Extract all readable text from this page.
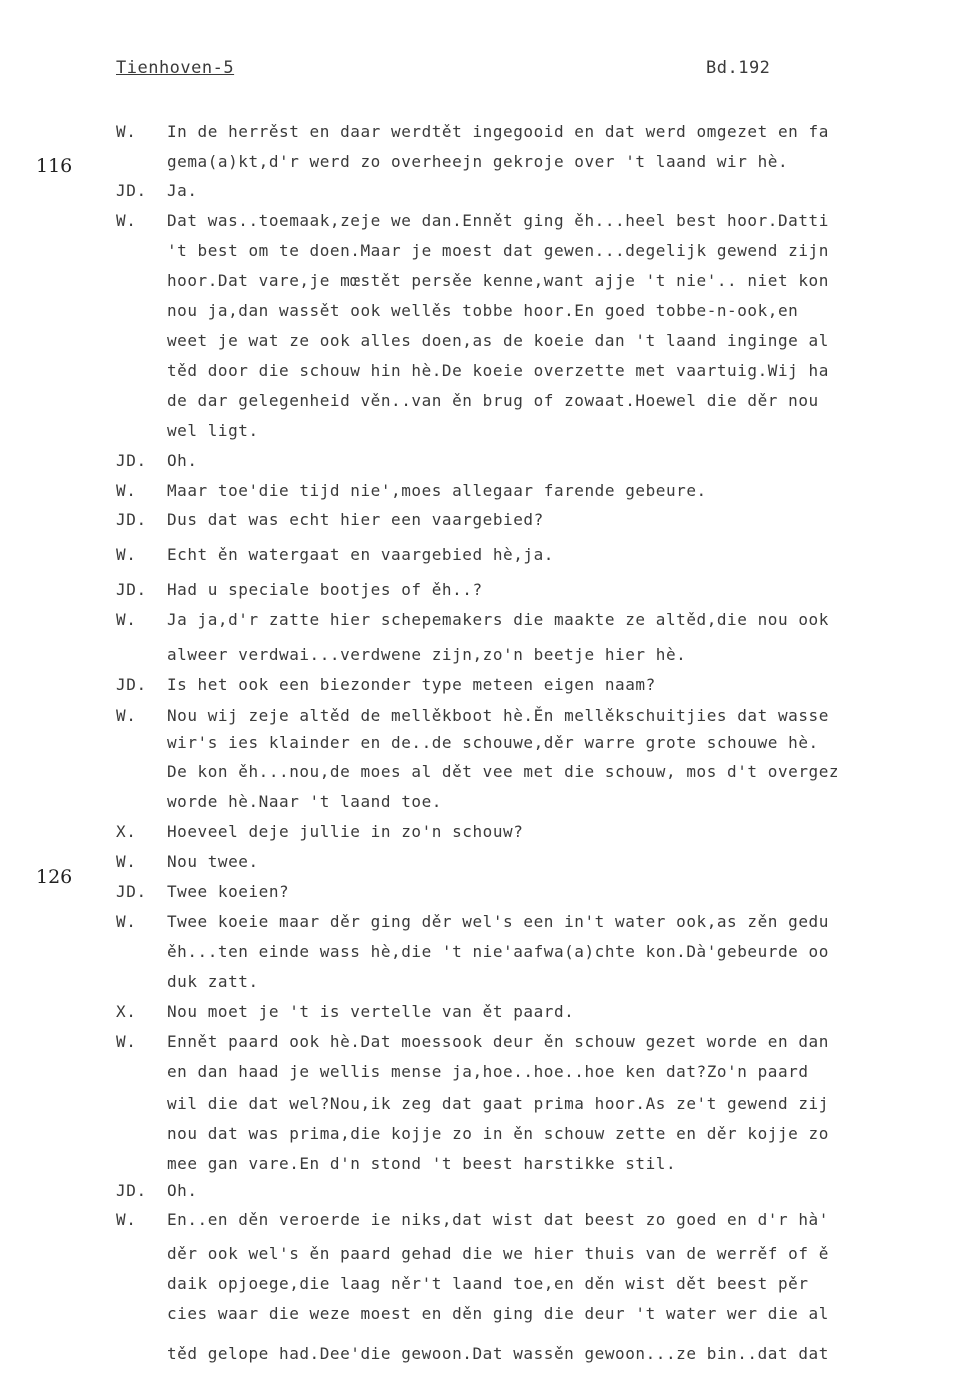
Tienhoven-5	Bd.192
116
126
W. In de herrěst en daar werdtět ingegooid en dat werd omgezet en fa
gema(a)kt,d'r werd zo overheejn gekroje over 't laand wir hè.
JD. Ja.
W. Dat was..toemaak,zeje we dan.Ennět ging ěh...heel best hoor.Datti
't best om te doen.Maar je moest dat gewen...degelijk gewend zijn
hoor.Dat vare,je mœstět persěe kenne,want ajje 't nie'.. niet kon
nou ja,dan wassět ook wellěs tobbe hoor.En goed tobbe-n-ook,en
weet je wat ze ook alles doen,as de koeie dan 't laand inginge al
těd door die schouw hin hè.De koeie overzette met vaartuig.Wij ha
de dar gelegenheid věn..van ěn brug of zowaat.Hoewel die děr nou
wel ligt.
JD. Oh.
W. Maar toe'die tijd nie',moes allegaar farende gebeure.
JD. Dus dat was echt hier een vaargebied?
W. Echt ěn watergaat en vaargebied hè,ja.
JD. Had u speciale bootjes of ěh..?
W. Ja ja,d'r zatte hier schepemakers die maakte ze altěd,die nou ook
alweer verdwai...verdwene zijn,zo'n beetje hier hè.
JD. Is het ook een biezonder type meteen eigen naam?
W. Nou wij zeje altěd de mellěkboot hè.Ěn mellěkschuitjies dat wasse
wir's ies klainder en de..de schouwe,děr warre grote schouwe hè.
De kon ěh...nou,de moes al dět vee met die schouw, mos d't overgez
worde hè.Naar 't laand toe.
X. Hoeveel deje jullie in zo'n schouw?
W. Nou twee.
JD. Twee koeien?
W. Twee koeie maar děr ging děr wel's een in't water ook,as zěn gedu
ěh...ten einde wass hè,die 't nie'aafwa(a)chte kon.Dà'gebeurde oo
duk zatt.
X. Nou moet je 't is vertelle van ět paard.
W. Ennět paard ook hè.Dat moessook deur ěn schouw gezet worde en dan
en dan haad je wellis mense ja,hoe..hoe..hoe ken dat?Zo'n paard
wil die dat wel?Nou,ik zeg dat gaat prima hoor.As ze't gewend zij
nou dat was prima,die kojje zo in ěn schouw zette en děr kojje zo
mee gan vare.En d'n stond 't beest harstikke stil.
JD. Oh.
W. En..en děn veroerde ie niks,dat wist dat beest zo goed en d'r hà'
děr ook wel's ěn paard gehad die we hier thuis van de werrěf of ě
daik opjoege,die laag něr't laand toe,en děn wist dět beest pěr
cies waar die weze moest en děn ging die deur 't water wer die al
těd gelope had.Dee'die gewoon.Dat wassěn gewoon...ze bin..dat dat
